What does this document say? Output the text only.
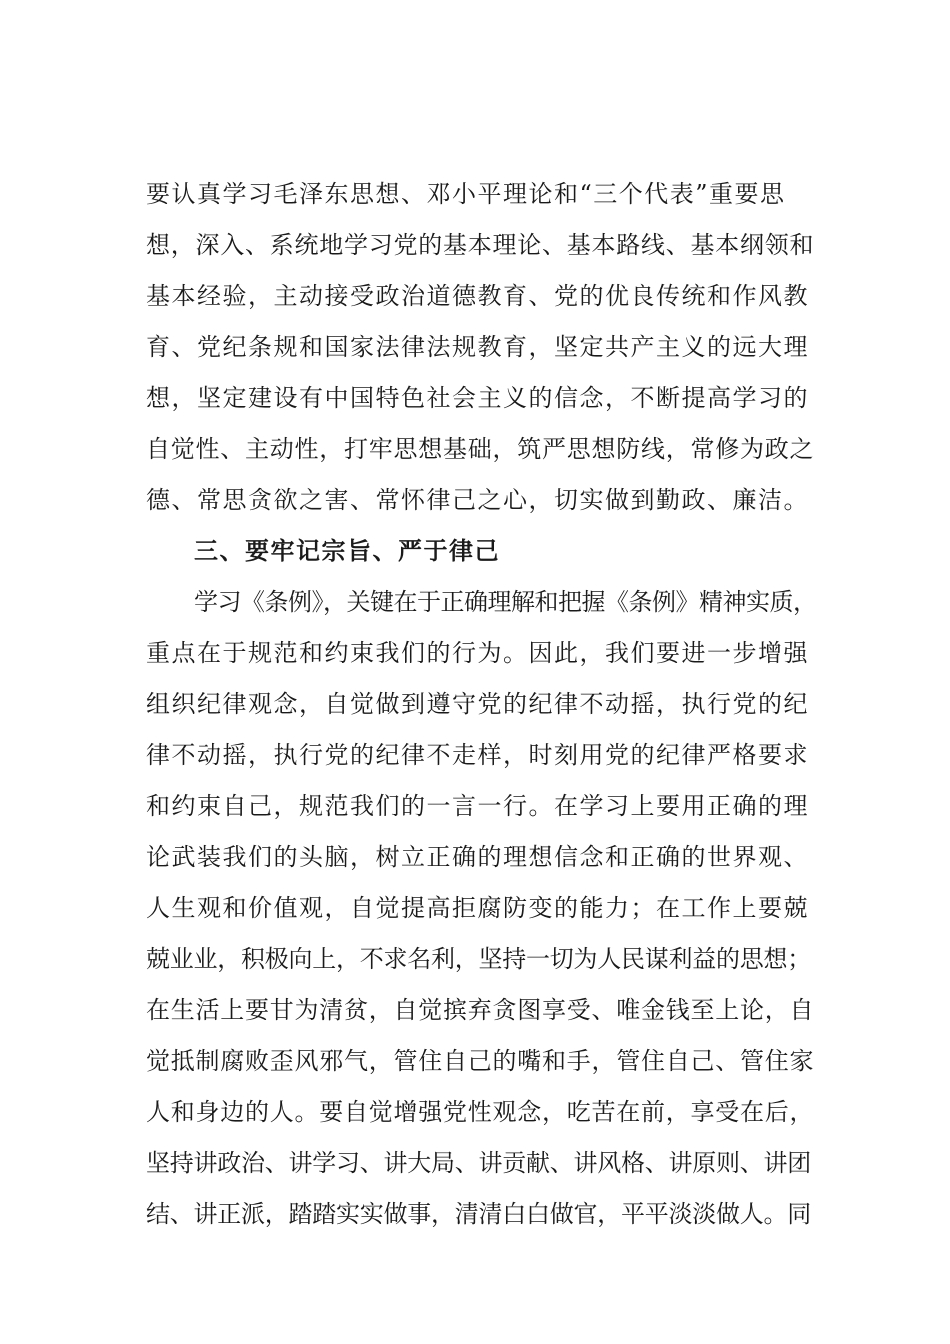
要认真学习毛泽东思想、邓小平理论和“三个代表”重要思
想，深入、系统地学习党的基本理论、基本路线、基本纲领和
基本经验，主动接受政治道德教育、党的优良传统和作风教
育、党纪条规和国家法律法规教育，坚定共产主义的远大理
想，坚定建设有中国特色社会主义的信念，不断提高学习的
自觉性、主动性，打牢思想基础，筑严思想防线，常修为政之
德、常思贪欲之害、常怀律己之心，切实做到勤政、廉洁。
三、要牢记宗旨、严于律己
学习《条例》，关键在于正确理解和把握《条例》精神实质，
重点在于规范和约束我们的行为。因此，我们要进一步增强
组织纪律观念，自觉做到遵守党的纪律不动摇，执行党的纪
律不动摇，执行党的纪律不走样，时刻用党的纪律严格要求
和约束自己，规范我们的一言一行。在学习上要用正确的理
论武装我们的头脑，树立正确的理想信念和正确的世界观、
人生观和价值观，自觉提高拒腐防变的能力；在工作上要兢
兢业业，积极向上，不求名利，坚持一切为人民谋利益的思想；
在生活上要甘为清贫，自觉摈弃贪图享受、唯金钱至上论，自
觉抵制腐败歪风邪气，管住自己的嘴和手，管住自己、管住家
人和身边的人。要自觉增强党性观念，吃苦在前，享受在后，
坚持讲政治、讲学习、讲大局、讲贡献、讲风格、讲原则、讲团
结、讲正派，踏踏实实做事，清清白白做官，平平淡淡做人。同
